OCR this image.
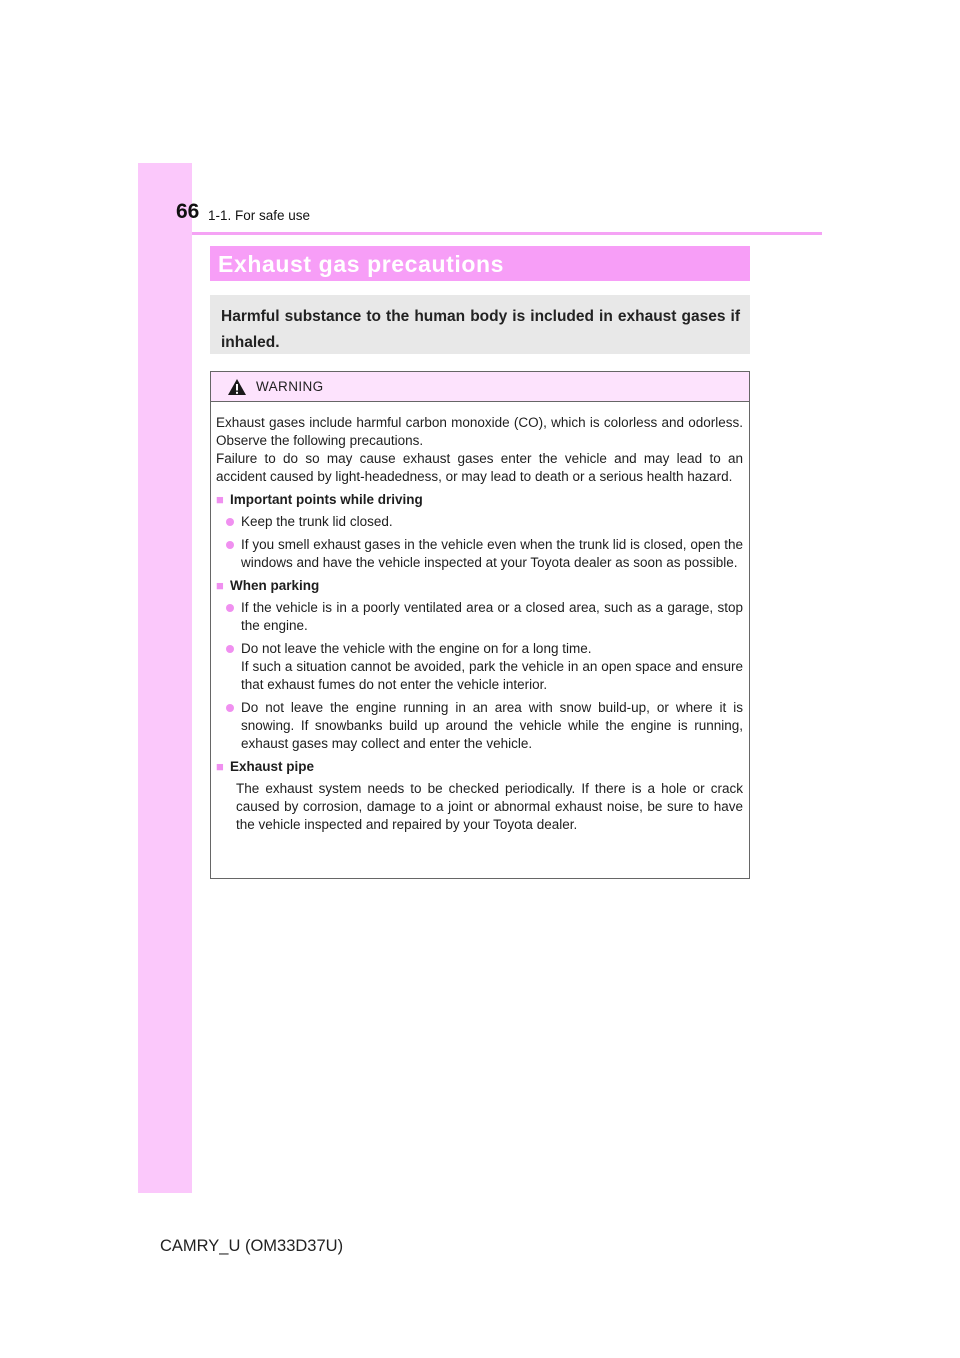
66 1-1. For safe use
Exhaust gas precautions
Harmful substance to the human body is included in exhaust gases if inhaled.
WARNING

Exhaust gases include harmful carbon monoxide (CO), which is colorless and odorless. Observe the following precautions.
Failure to do so may cause exhaust gases enter the vehicle and may lead to an accident caused by light-headedness, or may lead to death or a serious health hazard.

■ Important points while driving
Keep the trunk lid closed.
If you smell exhaust gases in the vehicle even when the trunk lid is closed, open the windows and have the vehicle inspected at your Toyota dealer as soon as possible.
■ When parking
If the vehicle is in a poorly ventilated area or a closed area, such as a garage, stop the engine.
Do not leave the vehicle with the engine on for a long time.
If such a situation cannot be avoided, park the vehicle in an open space and ensure that exhaust fumes do not enter the vehicle interior.
Do not leave the engine running in an area with snow build-up, or where it is snowing. If snowbanks build up around the vehicle while the engine is running, exhaust gases may collect and enter the vehicle.
■ Exhaust pipe

The exhaust system needs to be checked periodically. If there is a hole or crack caused by corrosion, damage to a joint or abnormal exhaust noise, be sure to have the vehicle inspected and repaired by your Toyota dealer.

CAMRY_U (OM33D37U)
